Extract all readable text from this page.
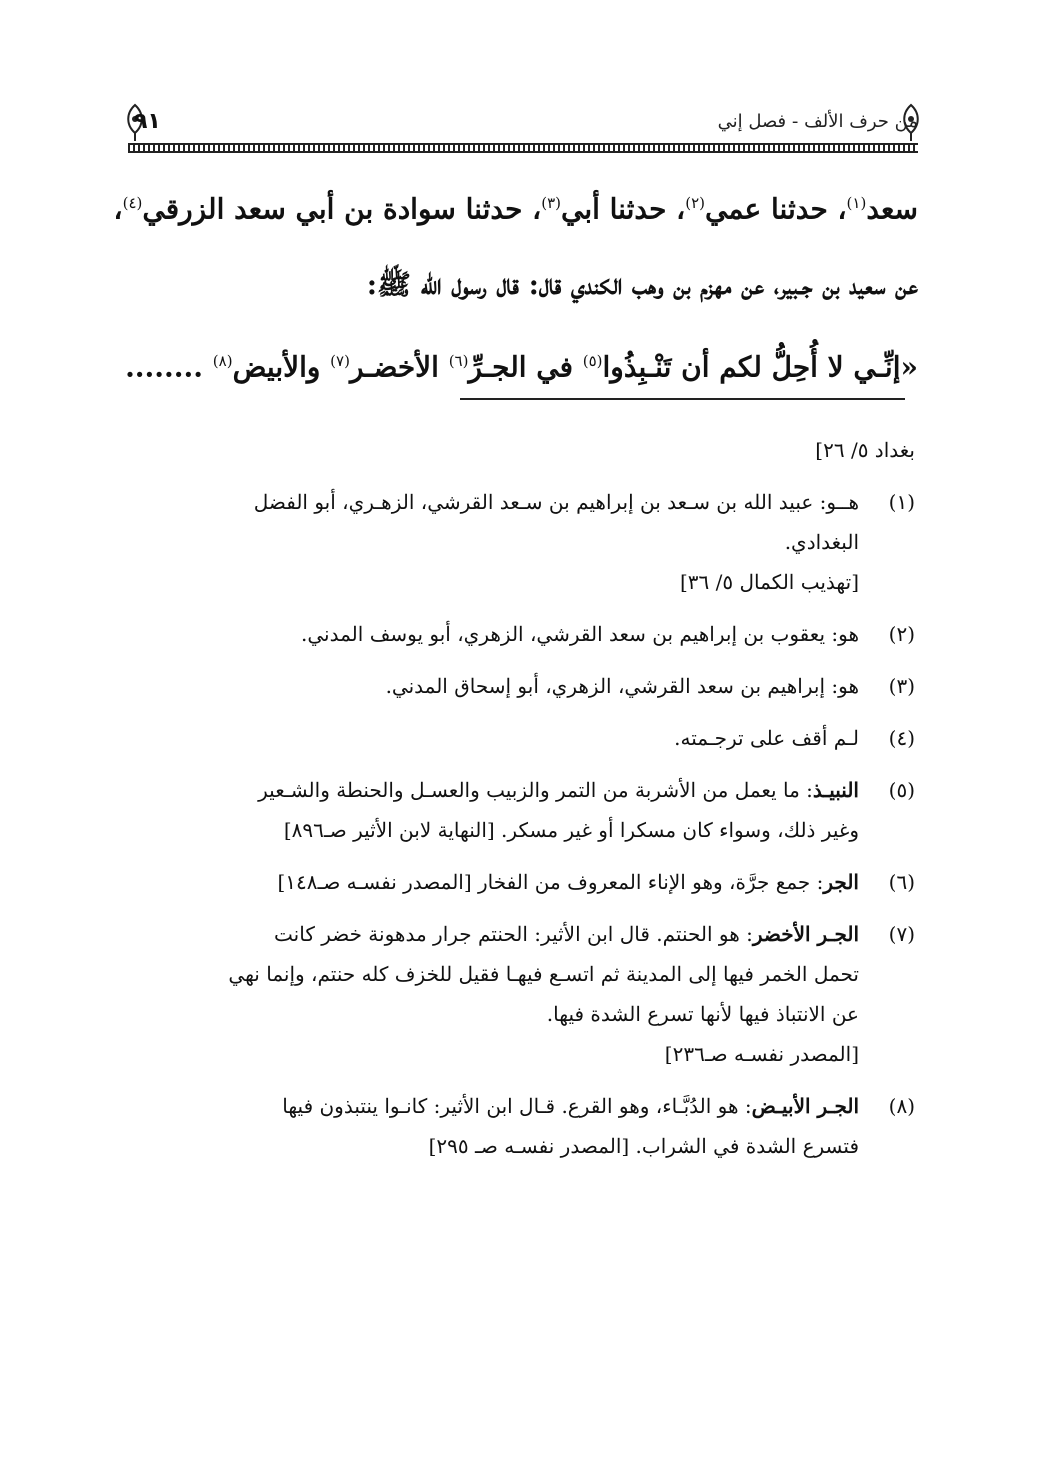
من حرف الألف - فصل إني
٩١

سعد$^{(١)}$، حدثنا عمي$^{(٢)}$، حدثنا أبي$^{(٣)}$، حدثنا سوادة بن أبي سعد الزرقي$^{(٤)}$،

عن سعيد بن جـبير، عن مهزم بن وهب الكندي قال: قال رسول الله ﷺ:

«إنِّـي لا أُحِلُّ لكم أن تَنْـبِذُوا$^{(٥)}$ في الجـرِّ$^{(٦)}$ الأخضـر$^{(٧)}$ والأبيض$^{(٨)}$ ........

بغداد ٥/ ٢٦]

(١)
هــو: عبيد الله بن سـعد بن إبراهيم بن سـعد القرشي، الزهـري، أبو الفضل

البغدادي.

[تهذيب الكمال ٥/ ٣٦]

(٢)
هو: يعقوب بن إبراهيم بن سعد القرشي، الزهري، أبو يوسف المدني.
(٣)
هو: إبراهيم بن سعد القرشي، الزهري، أبو إسحاق المدني.
(٤)
لـم أقف على ترجـمته.
(٥)
النبيـذ: ما يعمل من الأشربة من التمر والزبيب والعسـل والحنطة والشـعير

وغير ذلك، وسواء كان مسكرا أو غير مسكر. [النهاية لابن الأثير صـ٨٩٦]

(٦)
الجر: جمع جرَّة، وهو الإناء المعروف من الفخار [المصدر نفسـه صـ١٤٨]
(٧)
الجـر الأخضر: هو الحنتم. قال ابن الأثير: الحنتم جرار مدهونة خضر كانت

تحمل الخمر فيها إلى المدينة ثم اتسـع فيهـا فقيل للخزف كله حنتم، وإنما نهي

عن الانتباذ فيها لأنها تسرع الشدة فيها.

[المصدر نفسـه صـ٢٣٦]

(٨)
الجـر الأبيـض: هو الدُبَّـاء، وهو القرع. قـال ابن الأثير: كانـوا ينتبذون فيها

فتسرع الشدة في الشراب. [المصدر نفسـه صـ ٢٩٥]
